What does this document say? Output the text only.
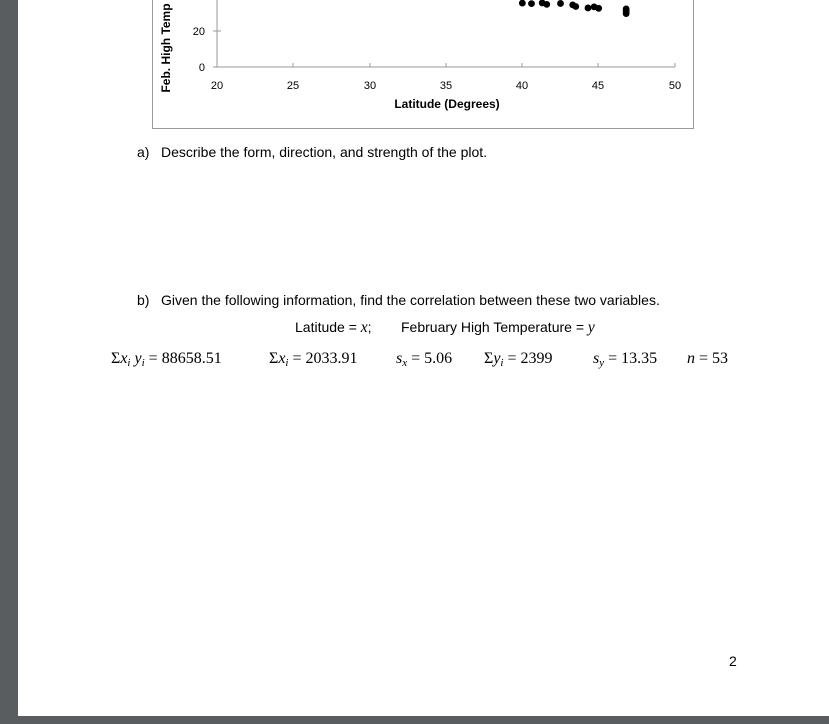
20
0
20	25	30	35	40	45	50
Feb. High Temp
Latitude (Degrees)
a) Describe the form, direction, and strength of the plot.
b) Given the following information, find the correlation between these two variables.
Latitude = x; February High Temperature = y
$\Sigma x_i$ $y_i = 88658.51$	$\Sigma x_i = 2033.91$ $s_x = 5.06$ $\Sigma y_i = 2399$	$s_y = 13.35$ n = 53
2
